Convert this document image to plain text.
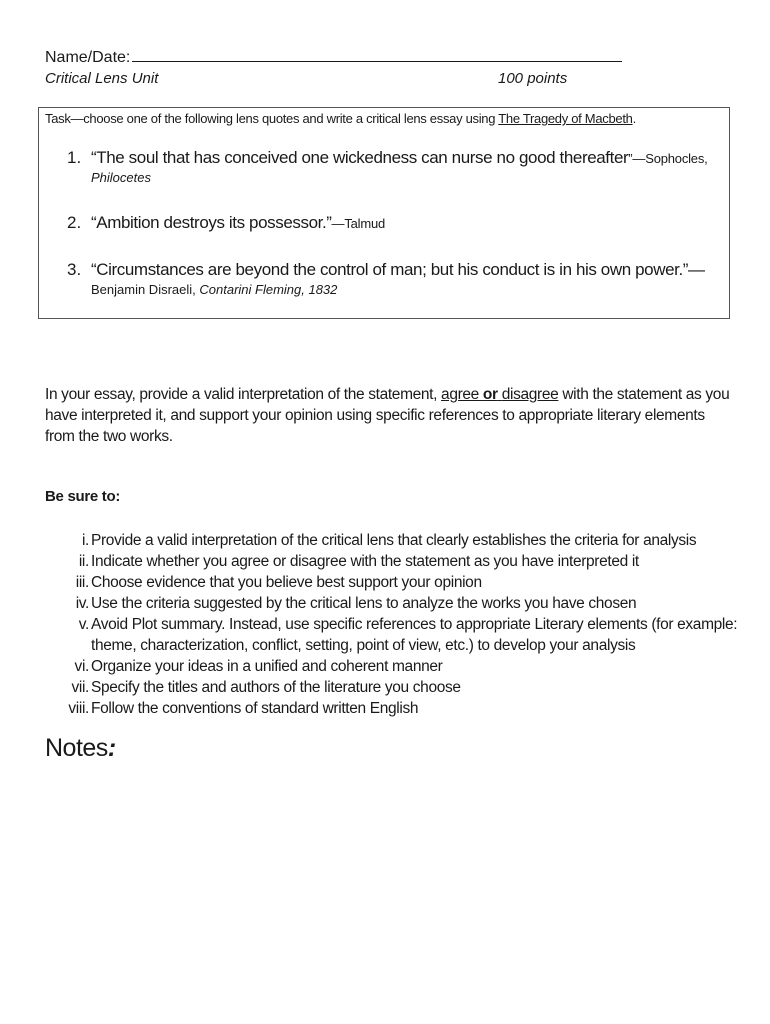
Name/Date:
Critical Lens Unit	100 points
Task—choose one of the following lens quotes and write a critical lens essay using The Tragedy of Macbeth.
1. “The soul that has conceived one wickedness can nurse no good thereafter”—Sophocles,
Philocetes
2. “Ambition destroys its possessor.”—Talmud
3. “Circumstances are beyond the control of man; but his conduct is in his own power.”—
Benjamin Disraeli, Contarini Fleming, 1832
In your essay, provide a valid interpretation of the statement, agree or disagree with the statement as you have interpreted it, and support your opinion using specific references to appropriate literary elements from the two works.
Be sure to:
i. Provide a valid interpretation of the critical lens that clearly establishes the criteria for analysis
ii. Indicate whether you agree or disagree with the statement as you have interpreted it
iii. Choose evidence that you believe best support your opinion
iv. Use the criteria suggested by the critical lens to analyze the works you have chosen
v. Avoid Plot summary. Instead, use specific references to appropriate Literary elements (for example: theme, characterization, conflict, setting, point of view, etc.) to develop your analysis
vi. Organize your ideas in a unified and coherent manner
vii. Specify the titles and authors of the literature you choose
viii. Follow the conventions of standard written English
Notes:
